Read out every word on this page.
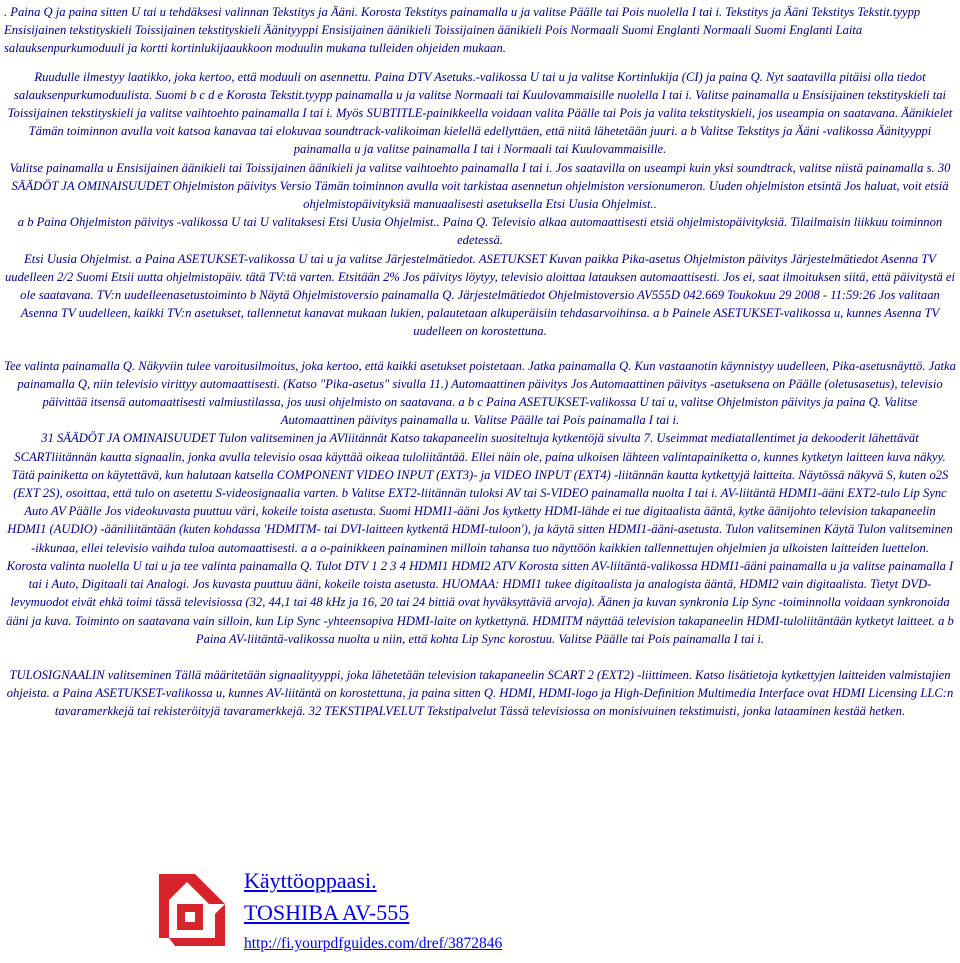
. Paina Q ja paina sitten U tai u tehdäksesi valinnan Tekstitys ja Ääni. Korosta Tekstitys painamalla u ja valitse Päälle tai Pois nuolella I tai i. Tekstitys ja Ääni Tekstitys Tekstit.tyypp Ensisijainen tekstityskieli Toissijainen tekstityskieli Äänityyppi Ensisijainen äänikieli Toissijainen äänikieli Pois Normaali Suomi Englanti Normaali Suomi Englanti Laita salauksenpurkumoduuli ja kortti kortinlukijaaukkoon moduulin mukana tulleiden ohjeiden mukaan.

Ruudulle ilmestyy laatikko, joka kertoo, että moduuli on asennettu. Paina DTV Asetuks.-valikossa U tai u ja valitse Kortinlukija (CI) ja paina Q. Nyt saatavilla pitäisi olla tiedot salauksenpurkumoduulista. Suomi b c d e Korosta Tekstit.tyypp painamalla u ja valitse Normaali tai Kuulovammaisille nuolella I tai i. Valitse painamalla u Ensisijainen tekstityskieli tai Toissijainen tekstityskieli ja valitse vaihtoehto painamalla I tai i. Myös SUBTITLE-painikkeella voidaan valita Päälle tai Pois ja valita tekstityskieli, jos useampia on saatavana. Äänikielet Tämän toiminnon avulla voit katsoa kanavaa tai elokuvaa soundtrack-valikoiman kielellä edellyttäen, että niitä lähetetään juuri. a b Valitse Tekstitys ja Ääni -valikossa Äänityyppi painamalla u ja valitse painamalla I tai i Normaali tai Kuulovammaisille.

Valitse painamalla u Ensisijainen äänikieli tai Toissijainen äänikieli ja valitse vaihtoehto painamalla I tai i. Jos saatavilla on useampi kuin yksi soundtrack, valitse niistä painamalla s. 30 SÄÄDÖT JA OMINAISUUDET Ohjelmiston päivitys Versio Tämän toiminnon avulla voit tarkistaa asennetun ohjelmiston versionumeron. Uuden ohjelmiston etsintä Jos haluat, voit etsiä ohjelmistopäivityksiä manuaalisesti asetuksella Etsi Uusia Ohjelmist..

a b Paina Ohjelmiston päivitys -valikossa U tai U valitaksesi Etsi Uusia Ohjelmist.. Paina Q. Televisio alkaa automaattisesti etsiä ohjelmistopäivityksiä. Tilailmaisin liikkuu toiminnon edetessä.

Etsi Uusia Ohjelmist. a Paina ASETUKSET-valikossa U tai u ja valitse Järjestelmätiedot. ASETUKSET Kuvan paikka Pika-asetus Ohjelmiston päivitys Järjestelmätiedot Asenna TV uudelleen 2/2 Suomi Etsii uutta ohjelmistopäiv. tätä TV:tä varten. Etsitään 2% Jos päivitys löytyy, televisio aloittaa latauksen automaattisesti. Jos ei, saat ilmoituksen siitä, että päivitystä ei ole saatavana. TV:n uudelleenasetustoiminto b Näytä Ohjelmistoversio painamalla Q. Järjestelmätiedot Ohjelmistoversio AV555D 042.669 Toukokuu 29 2008 - 11:59:26 Jos valitaan Asenna TV uudelleen, kaikki TV:n asetukset, tallennetut kanavat mukaan lukien, palautetaan alkuperäisiin tehdasarvoihinsa. a b Painele ASETUKSET-valikossa u, kunnes Asenna TV uudelleen on korostettuna.

Tee valinta painamalla Q. Näkyviin tulee varoitusilmoitus, joka kertoo, että kaikki asetukset poistetaan. Jatka painamalla Q. Kun vastaanotin käynnistyy uudelleen, Pika-asetusnäyttö. Jatka painamalla Q, niin televisio virittyy automaattisesti. (Katso "Pika-asetus" sivulla 11.) Automaattinen päivitys Jos Automaattinen päivitys -asetuksena on Päälle (oletusasetus), televisio päivittää itsensä automaattisesti valmiustilassa, jos uusi ohjelmisto on saatavana. a b c Paina ASETUKSET-valikossa U tai u, valitse Ohjelmiston päivitys ja paina Q. Valitse Automaattinen päivitys painamalla u. Valitse Päälle tai Pois painamalla I tai i.

31 SÄÄDÖT JA OMINAISUUDET Tulon valitseminen ja AVliitännät Katso takapaneelin suositeltuja kytkentöjä sivulta 7. Useimmat mediatallentimet ja dekooderit lähettävät SCARTliitännän kautta signaalin, jonka avulla televisio osaa käyttää oikeaa tuloliitäntää. Ellei näin ole, paina ulkoisen lähteen valintapainiketta o, kunnes kytketyn laitteen kuva näkyy. Tätä painiketta on käytettävä, kun halutaan katsella COMPONENT VIDEO INPUT (EXT3)- ja VIDEO INPUT (EXT4) -liitännän kautta kytkettyjä laitteita. Näytössä näkyvä S, kuten o2S (EXT 2S), osoittaa, että tulo on asetettu S-videosignaalia varten. b Valitse EXT2-liitännän tuloksi AV tai S-VIDEO painamalla nuolta I tai i. AV-liitäntä HDMI1-ääni EXT2-tulo Lip Sync Auto AV Päälle Jos videokuvasta puuttuu väri, kokeile toista asetusta. Suomi HDMI1-ääni Jos kytketty HDMI-lähde ei tue digitaalista ääntä, kytke äänijohto television takapaneelin HDMI1 (AUDIO) -ääniliitäntään (kuten kohdassa 'HDMITM- tai DVI-laitteen kytkentä HDMI-tuloon'), ja käytä sitten HDMI1-ääni-asetusta. Tulon valitseminen Käytä Tulon valitseminen -ikkunaa, ellei televisio vaihda tuloa automaattisesti. a a o-painikkeen painaminen milloin tahansa tuo näyttöön kaikkien tallennettujen ohjelmien ja ulkoisten laitteiden luettelon.

Korosta valinta nuolella U tai u ja tee valinta painamalla Q. Tulot DTV 1 2 3 4 HDMI1 HDMI2 ATV Korosta sitten AV-liitäntä-valikossa HDMI1-ääni painamalla u ja valitse painamalla I tai i Auto, Digitaali tai Analogi. Jos kuvasta puuttuu ääni, kokeile toista asetusta. HUOMAA: HDMI1 tukee digitaalista ja analogista ääntä, HDMI2 vain digitaalista. Tietyt DVD-levymuodot eivät ehkä toimi tässä televisiossa (32, 44,1 tai 48 kHz ja 16, 20 tai 24 bittiä ovat hyväksyttäviä arvoja). Äänen ja kuvan synkronia Lip Sync -toiminnolla voidaan synkronoida ääni ja kuva. Toiminto on saatavana vain silloin, kun Lip Sync -yhteensopiva HDMI-laite on kytkettynä. HDMITM näyttää television takapaneelin HDMI-tuloliitäntään kytketyt laitteet. a b Paina AV-liitäntä-valikossa nuolta u niin, että kohta Lip Sync korostuu. Valitse Päälle tai Pois painamalla I tai i.

TULOSIGNAALIN valitseminen Tällä määritetään signaalityyppi, joka lähetetään television takapaneelin SCART 2 (EXT2) -liittimeen. Katso lisätietoja kytkettyjen laitteiden valmistajien ohjeista. a Paina ASETUKSET-valikossa u, kunnes AV-liitäntä on korostettuna, ja paina sitten Q. HDMI, HDMI-logo ja High-Definition Multimedia Interface ovat HDMI Licensing LLC:n tavaramerkkejä tai rekisteröityjä tavaramerkkejä. 32 TEKSTIPALVELUT Tekstipalvelut Tässä televisiossa on monisivuinen tekstimuisti, jonka lataaminen kestää hetken.

Käyttöoppaasi.
TOSHIBA AV-555
http://fi.yourpdfguides.com/dref/3872846
